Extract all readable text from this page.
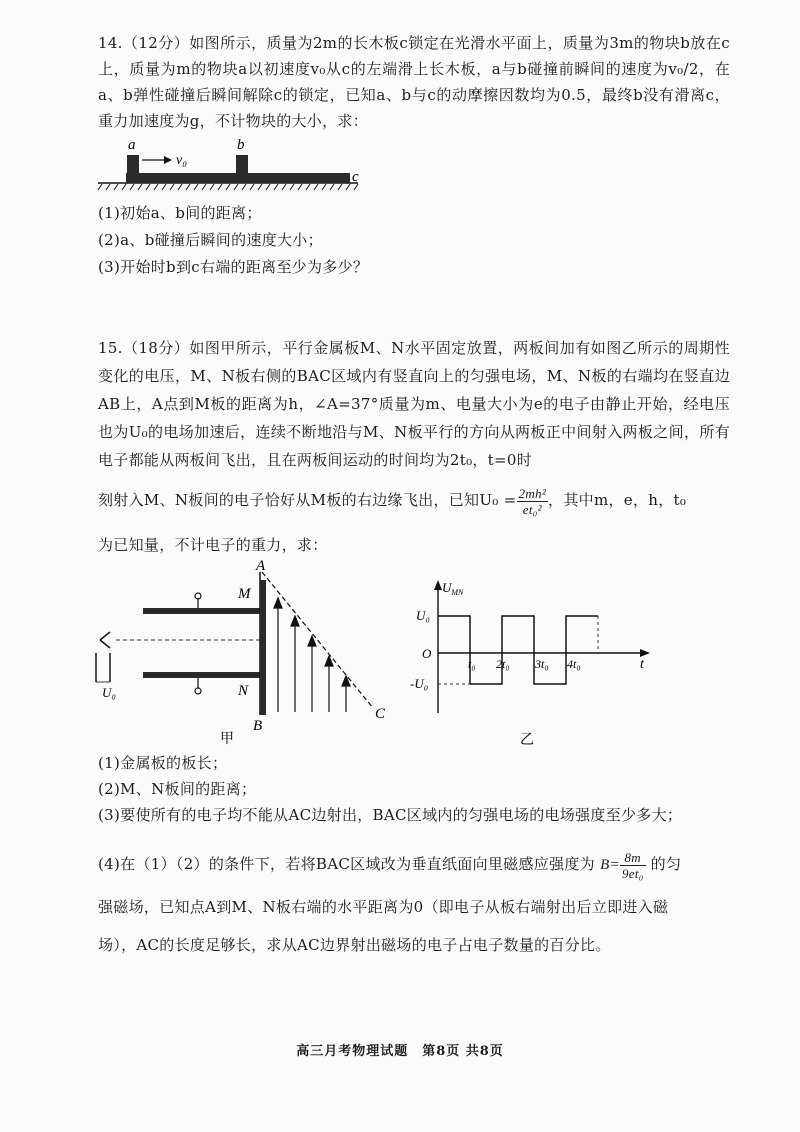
14.（12分）如图所示，质量为2m的长木板c锁定在光滑水平面上，质量为3m的物块b放在c上，质量为m的物块a以初速度v₀从c的左端滑上长木板，a与b碰撞前瞬间的速度为v₀/2，在a、b弹性碰撞后瞬间解除c的锁定，已知a、b与c的动摩擦因数均为0.5，最终b没有滑离c，重力加速度为g，不计物块的大小，求：
a
v₀
b
c
(1)初始a、b间的距离；
(2)a、b碰撞后瞬间的速度大小；
(3)开始时b到c右端的距离至少为多少？
15.（18分）如图甲所示，平行金属板M、N水平固定放置，两板间加有如图乙所示的周期性变化的电压，M、N板右侧的BAC区域内有竖直向上的匀强电场，M、N板的右端均在竖直边AB上，A点到M板的距离为h，∠A=37°质量为m、电量大小为e的电子由静止开始，经电压也为U₀的电场加速后，连续不断地沿与M、N板平行的方向从两板正中间射入两板之间，所有电子都能从两板间飞出，且在两板间运动的时间均为2t₀，t=0时
刻射入M、N板间的电子恰好从M板的右边缘飞出，已知$U_0 = \frac{\text{2mh²}}{\text{et₀²}}$ ，其中m，e，h，t₀
为已知量，不计电子的重力，求：
U₀
M
N
A
B
C
甲
$U_{MN}$
U₀
O
-U₀
t
t₀ 2t₀ 3t₀ 4t₀
乙
(1)金属板的板长；
(2)M、N板间的距离；
(3)要使所有的电子均不能从AC边射出，BAC区域内的匀强电场的电场强度至少多大；
(4)在（1）（2）的条件下，若将BAC区域改为垂直纸面向里磁感应强度为 $B= \frac{8m}{\text{9et₀}}$ 的匀
强磁场，已知点A到M、N板右端的水平距离为0（即电子从板右端射出后立即进入磁
场），AC的长度足够长，求从AC边界射出磁场的电子占电子数量的百分比。
高三月考物理试题　第8页 共8页
